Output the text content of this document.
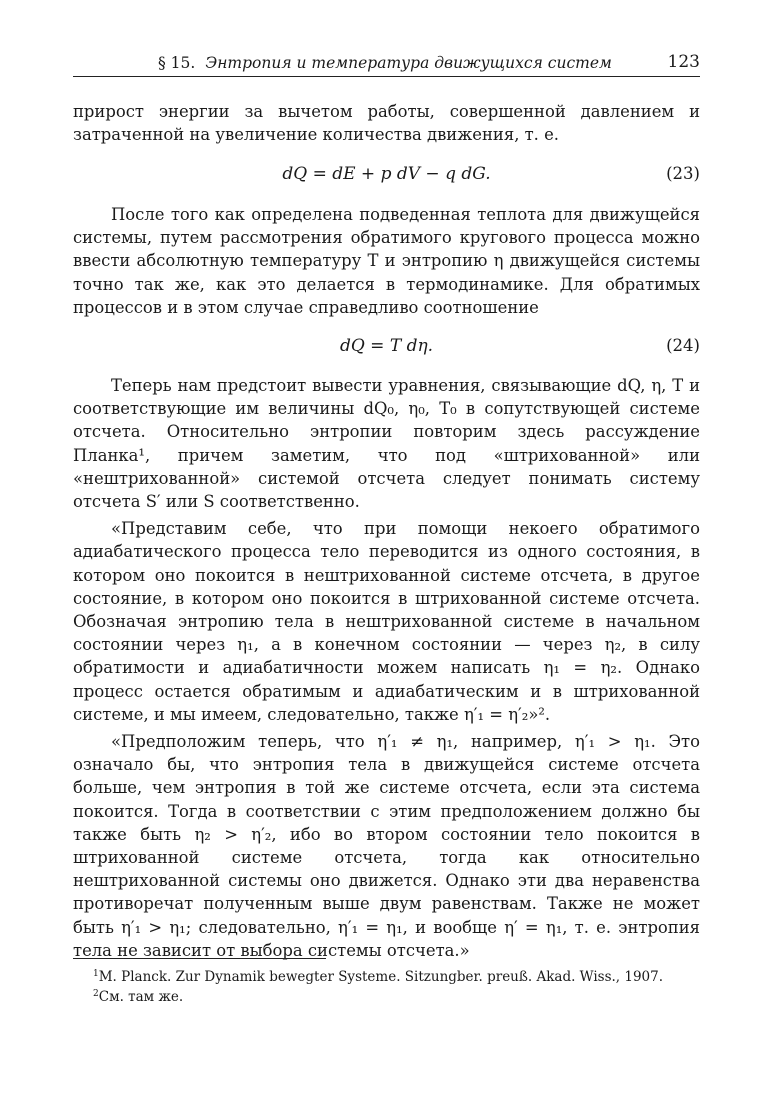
§ 15. Энтропия и температура движущихся систем	123

прирост энергии за вычетом работы, совершенной давлением и затраченной на увеличение количества движения, т. е.

dQ = dE + p dV − q dG.	(23)

После того как определена подведенная теплота для движущейся системы, путем рассмотрения обратимого кругового процесса можно ввести абсолютную температуру T и энтропию η движущейся системы точно так же, как это делается в термодинамике. Для обратимых процессов и в этом случае справедливо соотношение

dQ = T dη.	(24)

Теперь нам предстоит вывести уравнения, связывающие dQ, η, T и соответствующие им величины dQ₀, η₀, T₀ в сопутствующей системе отсчета. Относительно энтропии повторим здесь рассуждение Планка¹, причем заметим, что под «штрихованной» или «нештрихованной» системой отсчета следует понимать систему отсчета S′ или S соответственно.

«Представим себе, что при помощи некоего обратимого адиабатического процесса тело переводится из одного состояния, в котором оно покоится в нештрихованной системе отсчета, в другое состояние, в котором оно покоится в штрихованной системе отсчета. Обозначая энтропию тела в нештрихованной системе в начальном состоянии через η₁, а в конечном состоянии — через η₂, в силу обратимости и адиабатичности можем написать η₁ = η₂. Однако процесс остается обратимым и адиабатическим и в штрихованной системе, и мы имеем, следовательно, также η′₁ = η′₂»².

«Предположим теперь, что η′₁ ≠ η₁, например, η′₁ > η₁. Это означало бы, что энтропия тела в движущейся системе отсчета больше, чем энтропия в той же системе отсчета, если эта система покоится. Тогда в соответствии с этим предположением должно бы также быть η₂ > η′₂, ибо во втором состоянии тело покоится в штрихованной системе отсчета, тогда как относительно нештрихованной системы оно движется. Однако эти два неравенства противоречат полученным выше двум равенствам. Также не может быть η′₁ > η₁; следовательно, η′₁ = η₁, и вообще η′ = η₁, т. е. энтропия тела не зависит от выбора системы отсчета.»

$^1$M. Planck. Zur Dynamik bewegter Systeme. Sitzungber. preuß. Akad. Wiss., 1907.
$^2$См. там же.
